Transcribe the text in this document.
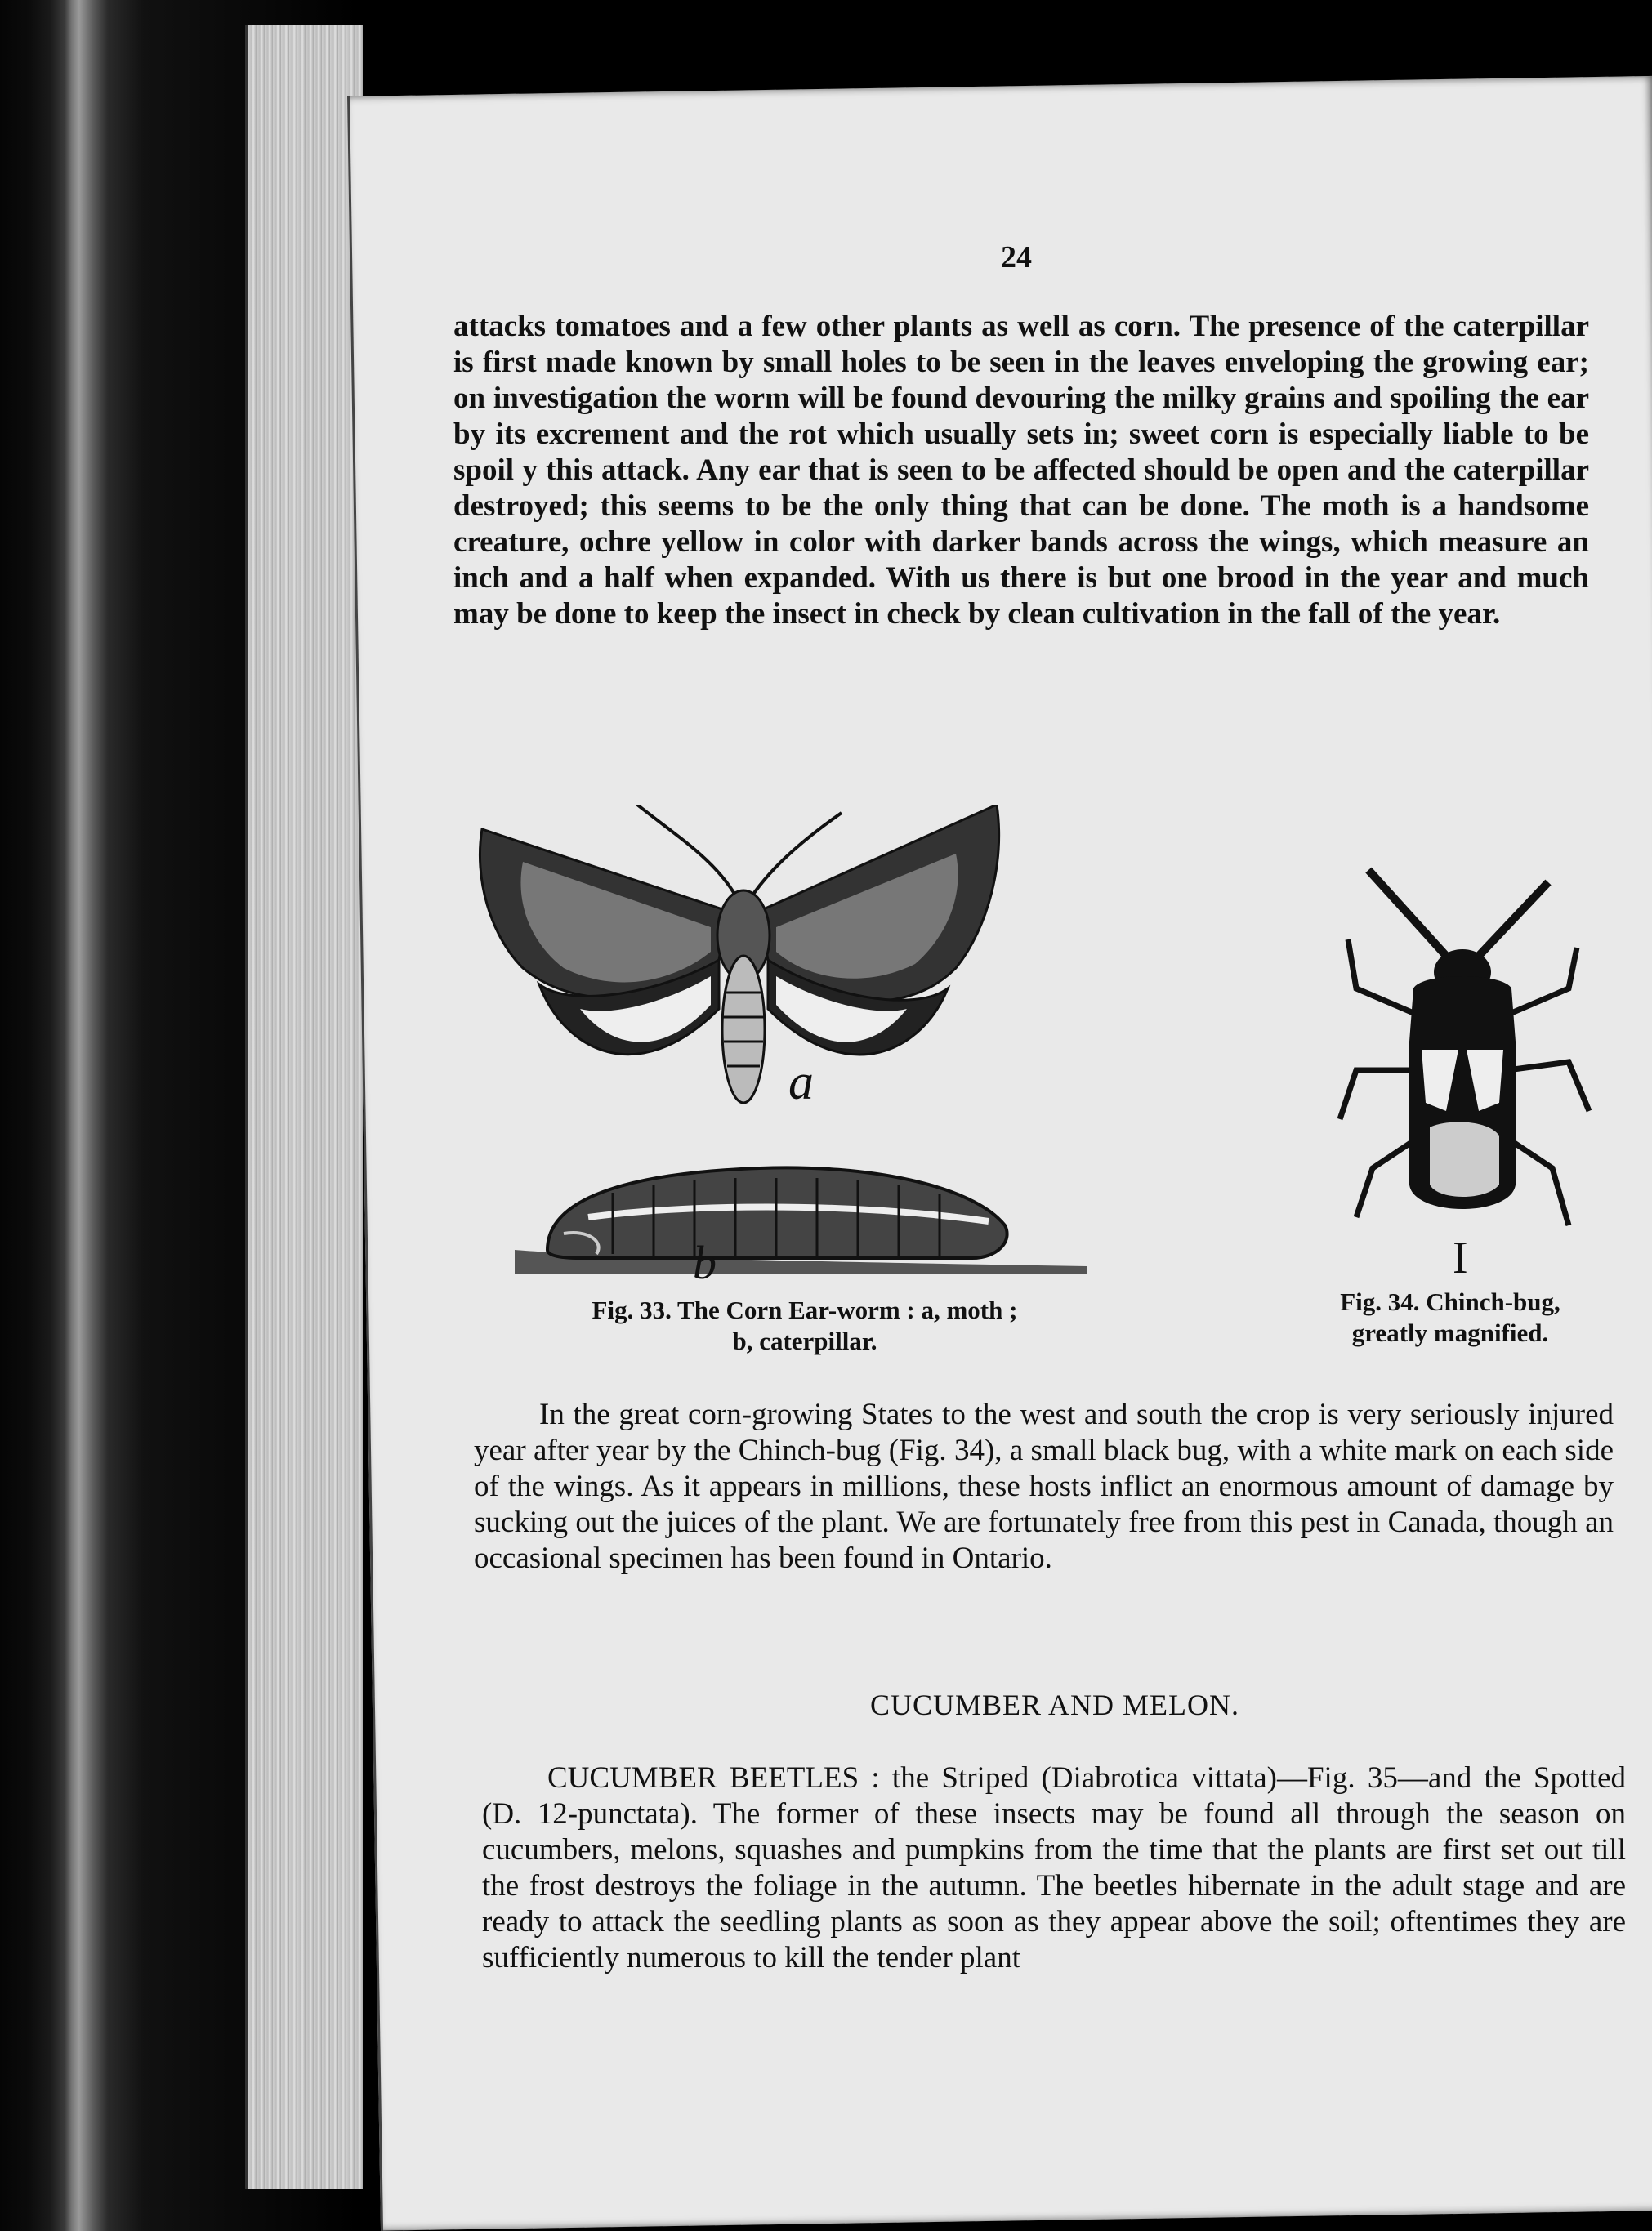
24

attacks tomatoes and a few other plants as well as corn. The presence of the caterpillar is first made known by small holes to be seen in the leaves enveloping the growing ear; on investigation the worm will be found devouring the milky grains and spoiling the ear by its excrement and the rot which usually sets in; sweet corn is especially liable to be spoil y this attack. Any ear that is seen to be affected should be open and the caterpillar destroyed; this seems to be the only thing that can be done. The moth is a handsome creature, ochre yellow in color with darker bands across the wings, which measure an inch and a half when expanded. With us there is but one brood in the year and much may be done to keep the insect in check by clean cultivation in the fall of the year.

a
b
Fig. 33. The Corn Ear-worm : a, moth ;
b, caterpillar.
I
Fig. 34. Chinch-bug,
greatly magnified.

In the great corn-growing States to the west and south the crop is very seriously injured year after year by the Chinch-bug (Fig. 34), a small black bug, with a white mark on each side of the wings. As it appears in millions, these hosts inflict an enormous amount of damage by sucking out the juices of the plant. We are fortunately free from this pest in Canada, though an occasional specimen has been found in Ontario.

CUCUMBER AND MELON.

CUCUMBER BEETLES : the Striped (Diabrotica vittata)—Fig. 35—and the Spotted (D. 12-punctata). The former of these insects may be found all through the season on cucumbers, melons, squashes and pumpkins from the time that the plants are first set out till the frost destroys the foliage in the autumn. The beetles hibernate in the adult stage and are ready to attack the seedling plants as soon as they appear above the soil; oftentimes they are sufficiently numerous to kill the tender plant
